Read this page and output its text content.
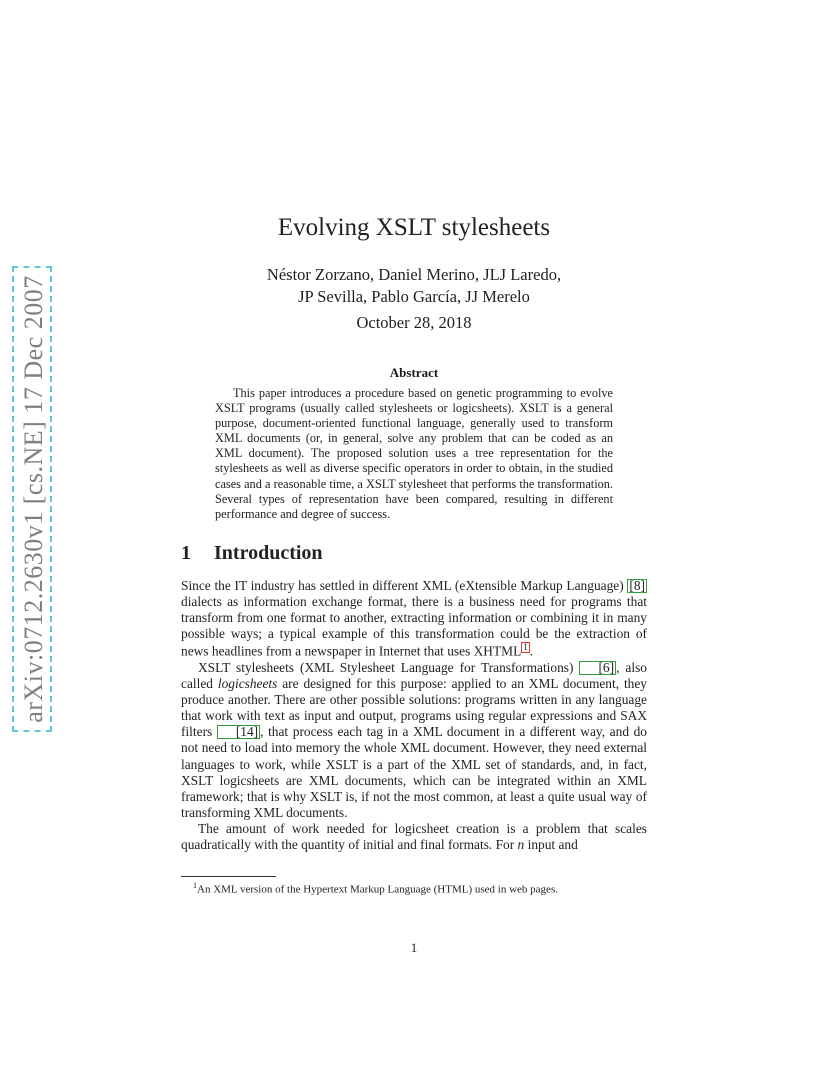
arXiv:0712.2630v1 [cs.NE] 17 Dec 2007
Evolving XSLT stylesheets
Néstor Zorzano, Daniel Merino, JLJ Laredo,
JP Sevilla, Pablo García, JJ Merelo
October 28, 2018
Abstract
This paper introduces a procedure based on genetic programming to evolve XSLT programs (usually called stylesheets or logicsheets). XSLT is a general purpose, document-oriented functional language, generally used to transform XML documents (or, in general, solve any problem that can be coded as an XML document). The proposed solution uses a tree representation for the stylesheets as well as diverse specific operators in order to obtain, in the studied cases and a reasonable time, a XSLT stylesheet that performs the transformation. Several types of representation have been compared, resulting in different performance and degree of success.
1 Introduction

Since the IT industry has settled in different XML (eXtensible Markup Language) [8] dialects as information exchange format, there is a business need for programs that transform from one format to another, extracting information or combining it in many possible ways; a typical example of this transformation could be the extraction of news headlines from a newspaper in Internet that uses XHTML 1 .

XSLT stylesheets (XML Stylesheet Language for Transformations) [6] , also called logicsheets are designed for this purpose: applied to an XML document, they produce another. There are other possible solutions: programs written in any language that work with text as input and output, programs using regular expressions and SAX filters [14] , that process each tag in a XML document in a different way, and do not need to load into memory the whole XML document. However, they need external languages to work, while XSLT is a part of the XML set of standards, and, in fact, XSLT logicsheets are XML documents, which can be integrated within an XML framework; that is why XSLT is, if not the most common, at least a quite usual way of transforming XML documents.

The amount of work needed for logicsheet creation is a problem that scales quadratically with the quantity of initial and final formats. For n input and

$^1$An XML version of the Hypertext Markup Language (HTML) used in web pages.
1
